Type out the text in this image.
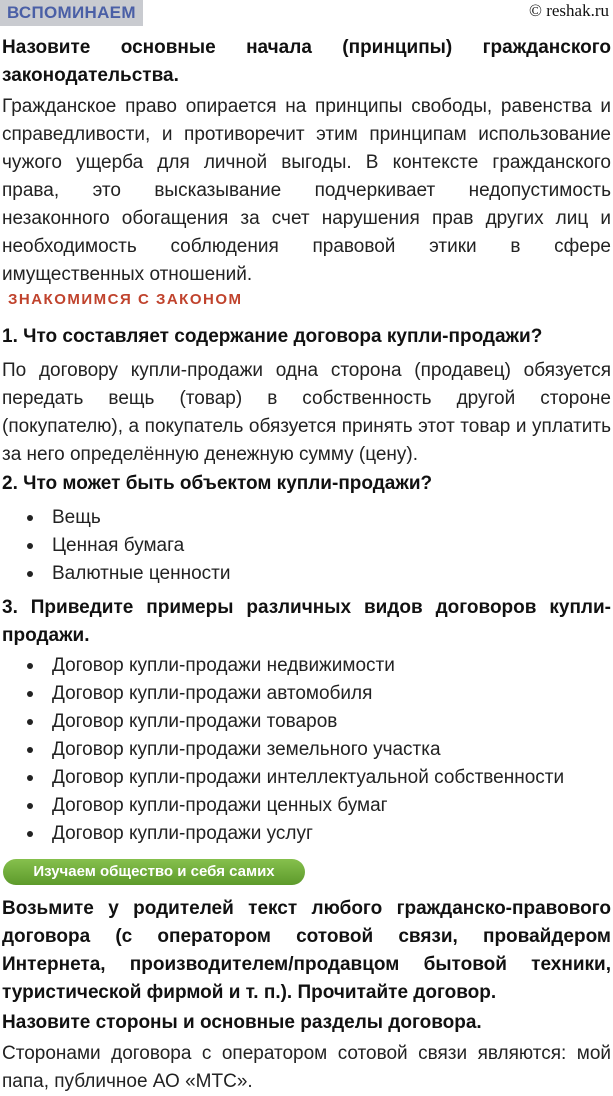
ВСПОМИНАЕМ	© reshak.ru
Назовите основные начала (принципы) гражданского законодательства.
Гражданское право опирается на принципы свободы, равенства и справедливости, и противоречит этим принципам использование чужого ущерба для личной выгоды. В контексте гражданского права, это высказывание подчеркивает недопустимость незаконного обогащения за счет нарушения прав других лиц и необходимость соблюдения правовой этики в сфере имущественных отношений.
ЗНАКОМИМСЯ С ЗАКОНОМ
1. Что составляет содержание договора купли-продажи?
По договору купли-продажи одна сторона (продавец) обязуется передать вещь (товар) в собственность другой стороне (покупателю), а покупатель обязуется принять этот товар и уплатить за него определённую денежную сумму (цену).
2. Что может быть объектом купли-продажи?
Вещь
Ценная бумага
Валютные ценности
3. Приведите примеры различных видов договоров купли-продажи.
Договор купли-продажи недвижимости
Договор купли-продажи автомобиля
Договор купли-продажи товаров
Договор купли-продажи земельного участка
Договор купли-продажи интеллектуальной собственности
Договор купли-продажи ценных бумаг
Договор купли-продажи услуг
Изучаем общество и себя самих
Возьмите у родителей текст любого гражданско-правового договора (с оператором сотовой связи, провайдером Интернета, производителем/продавцом бытовой техники, туристической фирмой и т. п.). Прочитайте договор.
Назовите стороны и основные разделы договора.
Сторонами договора с оператором сотовой связи являются: мой папа, публичное АО «МТС».
